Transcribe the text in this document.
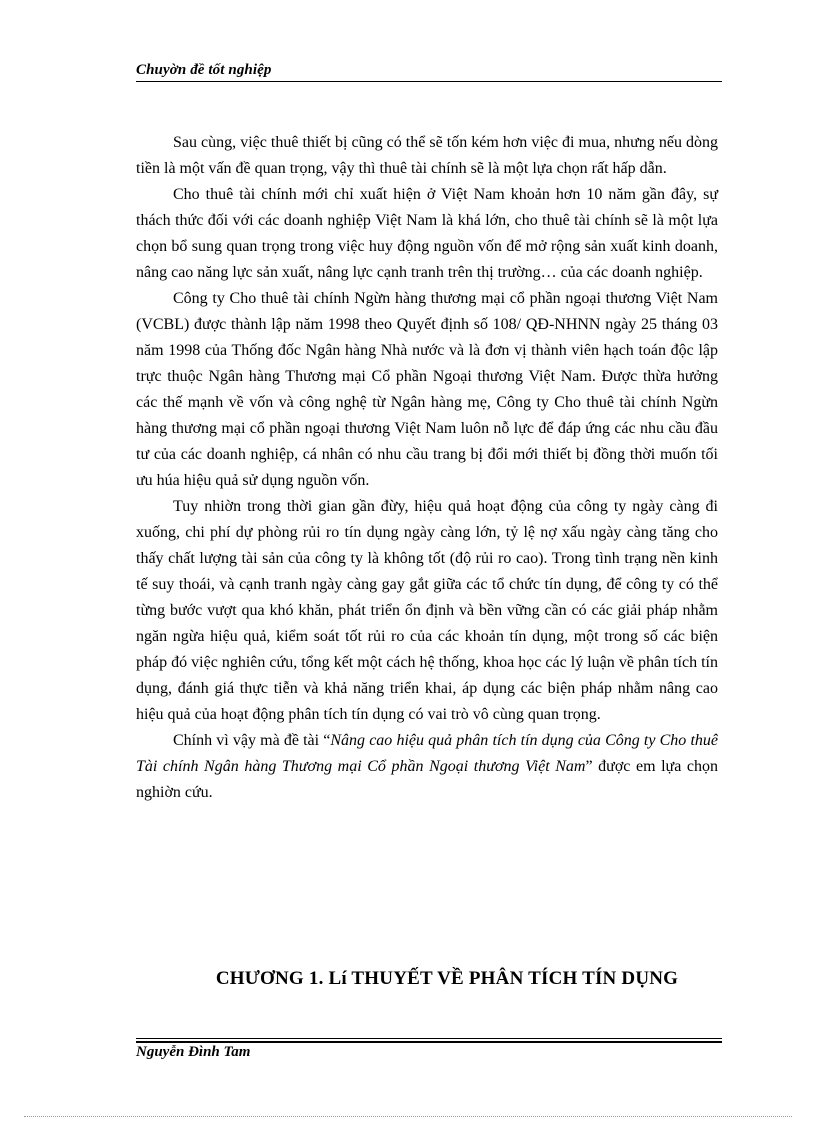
Chuyờn đề tốt nghiệp

Sau cùng, việc thuê thiết bị cũng có thể sẽ tốn kém hơn việc đi mua, nhưng nếu dòng tiền là một vấn đề quan trọng, vậy thì thuê tài chính sẽ là một lựa chọn rất hấp dẫn.

Cho thuê tài chính mới chỉ xuất hiện ở Việt Nam khoản hơn 10 năm gần đây, sự thách thức đối với các doanh nghiệp Việt Nam là khá lớn, cho thuê tài chính sẽ là một lựa chọn bổ sung quan trọng trong việc huy động nguồn vốn để mở rộng sản xuất kinh doanh, nâng cao năng lực sản xuất, nâng lực cạnh tranh trên thị trường… của các doanh nghiệp.

Công ty Cho thuê tài chính Ngừn hàng thương mại cổ phần ngoại thương Việt Nam (VCBL) được thành lập năm 1998 theo Quyết định số 108/ QĐ-NHNN ngày 25 tháng 03 năm 1998 của Thống đốc Ngân hàng Nhà nước và là đơn vị thành viên hạch toán độc lập trực thuộc Ngân hàng Thương mại Cổ phần Ngoại thương Việt Nam. Được thừa hưởng các thế mạnh về vốn và công nghệ từ Ngân hàng mẹ, Công ty Cho thuê tài chính Ngừn hàng thương mại cổ phần ngoại thương Việt Nam luôn nỗ lực để đáp ứng các nhu cầu đầu tư của các doanh nghiệp, cá nhân có nhu cầu trang bị đổi mới thiết bị đồng thời muốn tối ưu húa hiệu quả sử dụng nguồn vốn.

Tuy nhiờn trong thời gian gần đừy, hiệu quả hoạt động của công ty ngày càng đi xuống, chi phí dự phòng rủi ro tín dụng ngày càng lớn, tỷ lệ nợ xấu ngày càng tăng cho thấy chất lượng tài sản của công ty là không tốt (độ rủi ro cao). Trong tình trạng nền kinh tế suy thoái, và cạnh tranh ngày càng gay gắt giữa các tổ chức tín dụng, để công ty có thể từng bước vượt qua khó khăn, phát triển ổn định và bền vững cần có các giải pháp nhằm ngăn ngừa hiệu quả, kiểm soát tốt rủi ro của các khoản tín dụng, một trong số các biện pháp đó việc nghiên cứu, tổng kết một cách hệ thống, khoa học các lý luận về phân tích tín dụng, đánh giá thực tiễn và khả năng triển khai, áp dụng các biện pháp nhằm nâng cao hiệu quả của hoạt động phân tích tín dụng có vai trò vô cùng quan trọng.

Chính vì vậy mà đề tài “Nâng cao hiệu quả phân tích tín dụng của Công ty Cho thuê Tài chính Ngân hàng Thương mại Cổ phần Ngoại thương Việt Nam” được em lựa chọn nghiờn cứu.

CHƯƠNG 1. Lí THUYẾT VỀ PHÂN TÍCH TÍN DỤNG
Nguyễn Đình Tam
